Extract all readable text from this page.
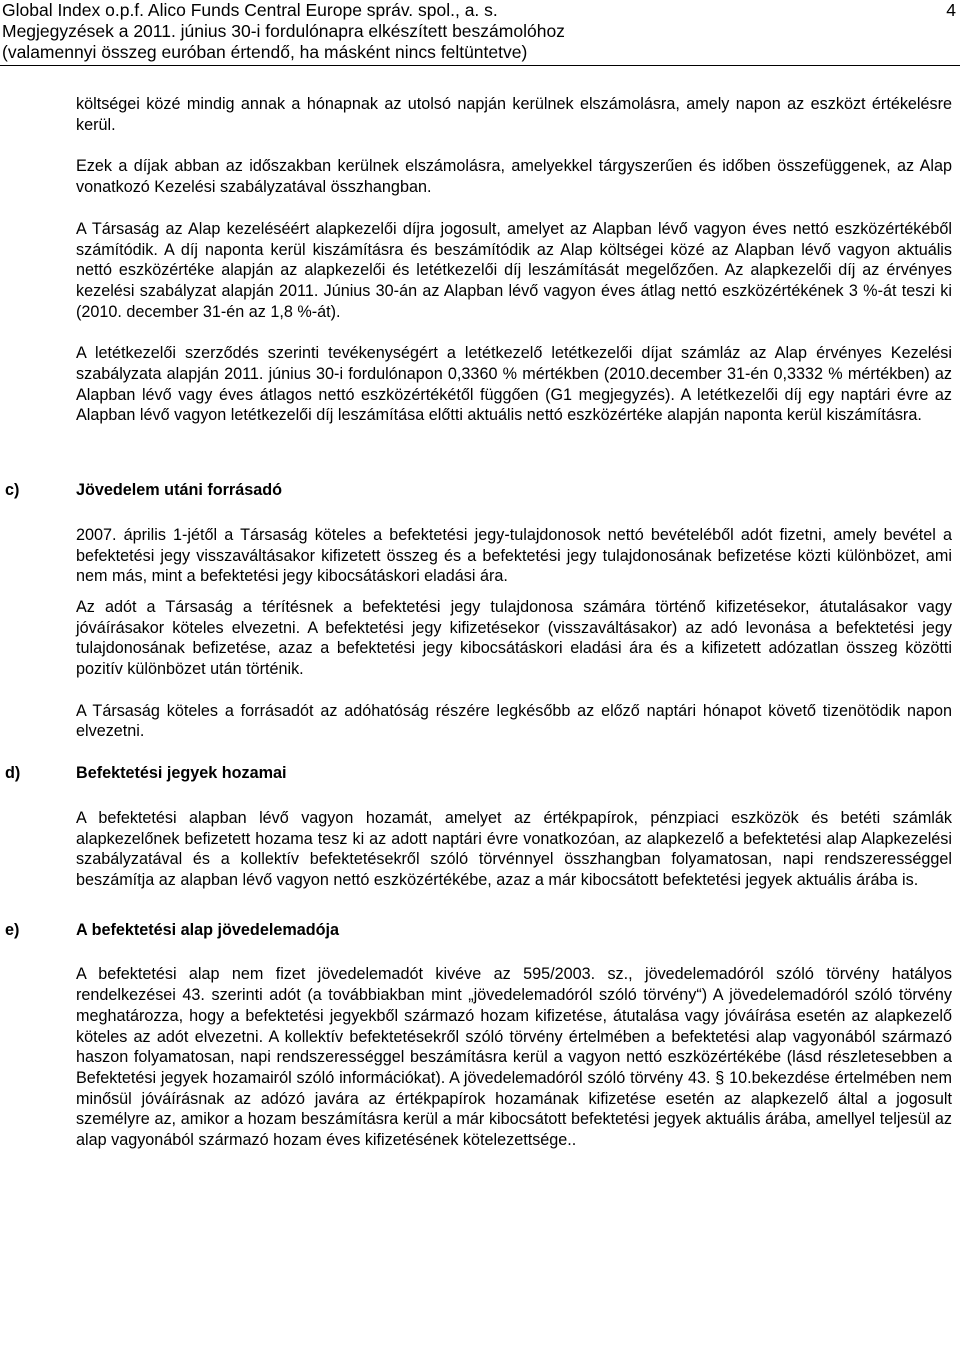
Global Index o.p.f. Alico Funds Central Europe správ. spol., a. s.
Megjegyzések a 2011. június 30-i fordulónapra elkészített beszámolóhoz
(valamennyi összeg euróban értendő, ha másként nincs feltüntetve)
4

költségei közé mindig annak a hónapnak az utolsó napján kerülnek elszámolásra, amely napon az eszközt értékelésre kerül.

Ezek a díjak abban az időszakban kerülnek elszámolásra, amelyekkel tárgyszerűen és időben összefüggenek, az Alap vonatkozó Kezelési szabályzatával összhangban.

A Társaság az Alap kezeléséért alapkezelői díjra jogosult, amelyet az Alapban lévő vagyon éves nettó eszközértékéből számítódik. A díj naponta kerül kiszámításra és beszámítódik az Alap költségei közé az Alapban lévő vagyon aktuális nettó eszközértéke alapján az alapkezelői és letétkezelői díj leszámítását megelőzően. Az alapkezelői díj az érvényes kezelési szabályzat alapján 2011. Június 30-án az Alapban lévő vagyon éves átlag nettó eszközértékének 3 %-át teszi ki (2010. december 31-én az 1,8 %-át).

A letétkezelői szerződés szerinti tevékenységért a letétkezelő letétkezelői díjat számláz az Alap érvényes Kezelési szabályzata alapján 2011. június 30-i fordulónapon 0,3360 % mértékben (2010.december 31-én 0,3332 % mértékben) az Alapban lévő vagy éves átlagos nettó eszközértékétől függően (G1 megjegyzés). A letétkezelői díj egy naptári évre az Alapban lévő vagyon letétkezelői díj leszámítása előtti aktuális nettó eszközértéke alapján naponta kerül kiszámításra.

c)	Jövedelem utáni forrásadó

2007. április 1-jétől a Társaság köteles a befektetési jegy-tulajdonosok nettó bevételéből adót fizetni, amely bevétel a befektetési jegy visszaváltásakor kifizetett összeg és a befektetési jegy tulajdonosának befizetése közti különbözet, ami nem más, mint a befektetési jegy kibocsátáskori eladási ára.

Az adót a Társaság a térítésnek a befektetési jegy tulajdonosa számára történő kifizetésekor, átutalásakor vagy jóváírásakor köteles elvezetni. A befektetési jegy kifizetésekor (visszaváltásakor) az adó levonása a befektetési jegy tulajdonosának befizetése, azaz a befektetési jegy kibocsátáskori eladási ára és a kifizetett adózatlan összeg közötti pozitív különbözet után történik.

A Társaság köteles a forrásadót az adóhatóság részére legkésőbb az előző naptári hónapot követő tizenötödik napon elvezetni.

d)	Befektetési jegyek hozamai

A befektetési alapban lévő vagyon hozamát, amelyet az értékpapírok, pénzpiaci eszközök és betéti számlák alapkezelőnek befizetett hozama tesz ki az adott naptári évre vonatkozóan, az alapkezelő a befektetési alap Alapkezelési szabályzatával és a kollektív befektetésekről szóló törvénnyel összhangban folyamatosan, napi rendszerességgel beszámítja az alapban lévő vagyon nettó eszközértékébe, azaz a már kibocsátott befektetési jegyek aktuális árába is.

e)	A befektetési alap jövedelemadója

A befektetési alap nem fizet jövedelemadót kivéve az 595/2003. sz., jövedelemadóról szóló törvény hatályos rendelkezései 43. szerinti adót (a továbbiakban mint „jövedelemadóról szóló törvény“) A jövedelemadóról szóló törvény meghatározza, hogy a befektetési jegyekből származó hozam kifizetése, átutalása vagy jóváírása esetén az alapkezelő köteles az adót elvezetni. A kollektív befektetésekről szóló törvény értelmében a befektetési alap vagyonából származó haszon folyamatosan, napi rendszerességgel beszámításra kerül a vagyon nettó eszközértékébe (lásd részletesebben a Befektetési jegyek hozamairól szóló információkat). A jövedelemadóról szóló törvény 43. § 10.bekezdése értelmében nem minősül jóváírásnak az adózó javára az értékpapírok hozamának kifizetése esetén az alapkezelő által a jogosult személyre az, amikor a hozam beszámításra kerül a már kibocsátott befektetési jegyek aktuális árába, amellyel teljesül az alap vagyonából származó hozam éves kifizetésének kötelezettsége..
